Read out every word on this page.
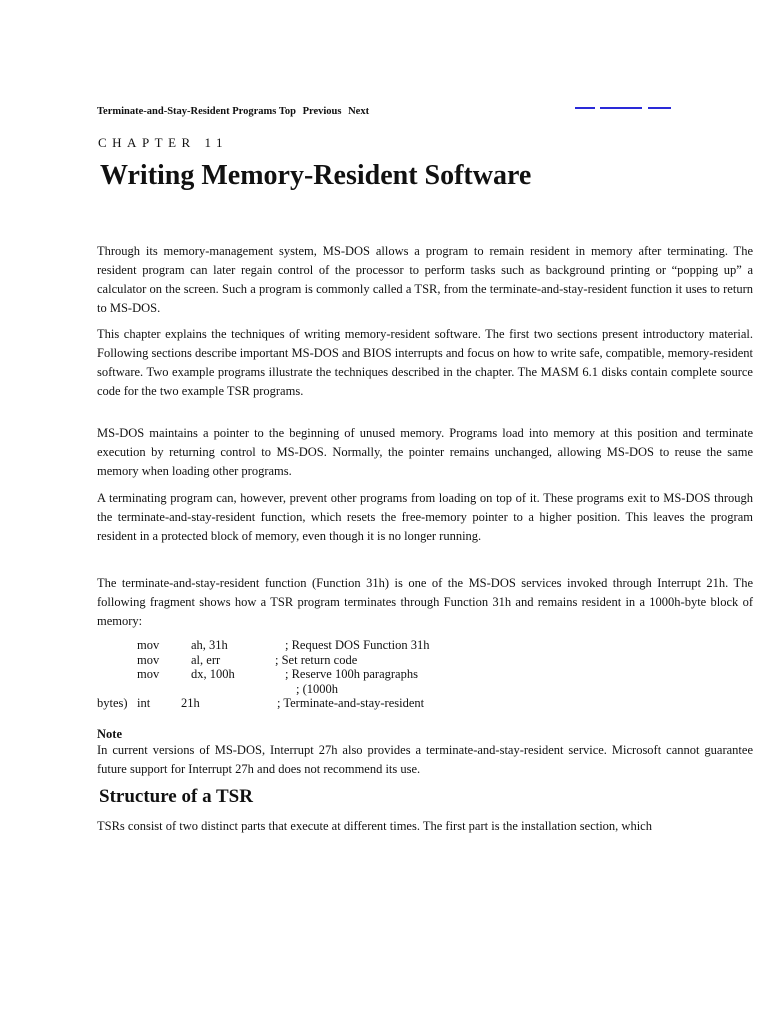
Terminate-and-Stay-Resident Programs Top Previous Next
CHAPTER 11
Writing Memory-Resident Software

Through its memory-management system, MS-DOS allows a program to remain resident in memory after terminating. The resident program can later regain control of the processor to perform tasks such as background printing or “popping up” a calculator on the screen. Such a program is commonly called a TSR, from the terminate-and-stay-resident function it uses to return to MS-DOS.

This chapter explains the techniques of writing memory-resident software. The first two sections present introductory material. Following sections describe important MS-DOS and BIOS interrupts and focus on how to write safe, compatible, memory-resident software. Two example programs illustrate the techniques described in the chapter. The MASM 6.1 disks contain complete source code for the two example TSR programs.

MS-DOS maintains a pointer to the beginning of unused memory. Programs load into memory at this position and terminate execution by returning control to MS-DOS. Normally, the pointer remains unchanged, allowing MS-DOS to reuse the same memory when loading other programs.

A terminating program can, however, prevent other programs from loading on top of it. These programs exit to MS-DOS through the terminate-and-stay-resident function, which resets the free-memory pointer to a higher position. This leaves the program resident in a protected block of memory, even though it is no longer running.

The terminate-and-stay-resident function (Function 31h) is one of the MS-DOS services invoked through Interrupt 21h. The following fragment shows how a TSR program terminates through Function 31h and remains resident in a 1000h-byte block of memory:

mov	ah, 31h	; Request DOS Function 31h
mov	al, err	; Set return code
mov	dx, 100h	; Reserve 100h paragraphs
; (1000h
bytes) int 21h	; Terminate-and-stay-resident
Note

In current versions of MS-DOS, Interrupt 27h also provides a terminate-and-stay-resident service. Microsoft cannot guarantee future support for Interrupt 27h and does not recommend its use.

Structure of a TSR

TSRs consist of two distinct parts that execute at different times. The first part is the installation section, which
